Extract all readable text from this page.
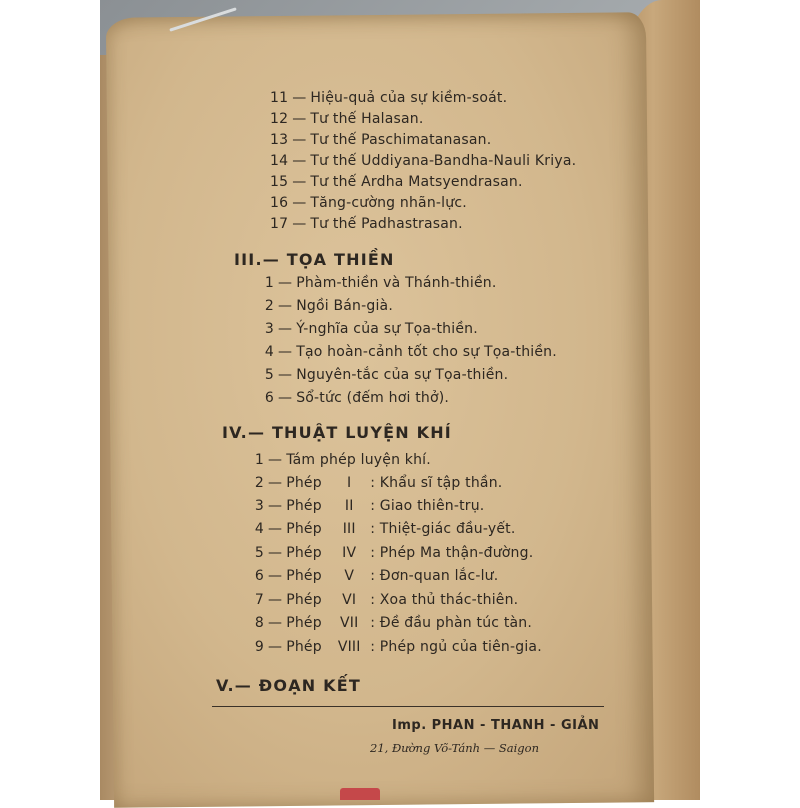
11 — Hiệu-quả của sự kiềm-soát.
12 — Tư thế Halasan.
13 — Tư thế Paschimatanasan.
14 — Tư thế Uddiyana-Bandha-Nauli Kriya.
15 — Tư thế Ardha Matsyendrasan.
16 — Tăng-cường nhãn-lực.
17 — Tư thế Padhastrasan.
III.— TỌA THIỀN
1 — Phàm-thiền và Thánh-thiền.
2 — Ngồi Bán-già.
3 — Ý-nghĩa của sự Tọa-thiền.
4 — Tạo hoàn-cảnh tốt cho sự Tọa-thiền.
5 — Nguyên-tắc của sự Tọa-thiền.
6 — Sổ-tức (đếm hơi thở).
IV.— THUẬT LUYỆN KHÍ
1 — Tám phép luyện khí.
2 — Phép I : Khẩu sĩ tập thần.
3 — Phép II : Giao thiên-trụ.
4 — Phép III : Thiệt-giác đầu-yết.
5 — Phép IV : Phép Ma thận-đường.
6 — Phép V : Đơn-quan lắc-lư.
7 — Phép VI : Xoa thủ thác-thiên.
8 — Phép VII : Đề đầu phàn túc tàn.
9 — Phép VIII : Phép ngủ của tiên-gia.
V.— ĐOẠN KẾT
Imp. PHAN - THANH - GIẢN
21, Đường Võ-Tánh — Saigon
